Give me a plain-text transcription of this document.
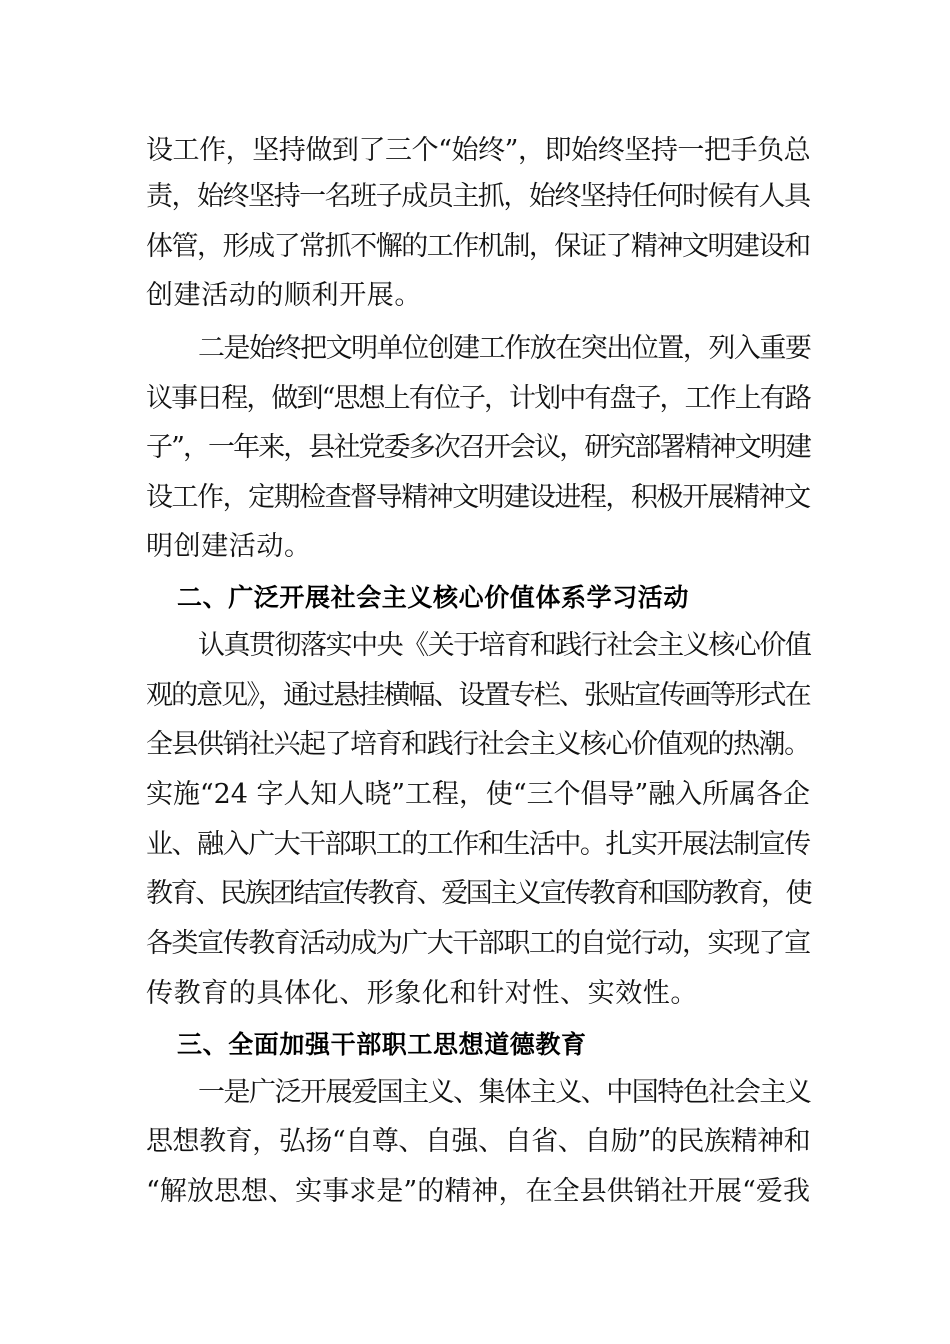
设工作，坚持做到了三个“始终”，即始终坚持一把手负总
责，始终坚持一名班子成员主抓，始终坚持任何时候有人具
体管，形成了常抓不懈的工作机制，保证了精神文明建设和
创建活动的顺利开展。
二是始终把文明单位创建工作放在突出位置，列入重要
议事日程，做到“思想上有位子，计划中有盘子，工作上有路
子”，一年来，县社党委多次召开会议，研究部署精神文明建
设工作，定期检查督导精神文明建设进程，积极开展精神文
明创建活动。
二、广泛开展社会主义核心价值体系学习活动
认真贯彻落实中央《关于培育和践行社会主义核心价值
观的意见》，通过悬挂横幅、设置专栏、张贴宣传画等形式在
全县供销社兴起了培育和践行社会主义核心价值观的热潮。
实施“24 字人知人晓”工程，使“三个倡导”融入所属各企
业、融入广大干部职工的工作和生活中。扎实开展法制宣传
教育、民族团结宣传教育、爱国主义宣传教育和国防教育，使
各类宣传教育活动成为广大干部职工的自觉行动，实现了宣
传教育的具体化、形象化和针对性、实效性。
三、全面加强干部职工思想道德教育
一是广泛开展爱国主义、集体主义、中国特色社会主义
思想教育，弘扬“自尊、自强、自省、自励”的民族精神和
“解放思想、实事求是”的精神，在全县供销社开展“爱我
